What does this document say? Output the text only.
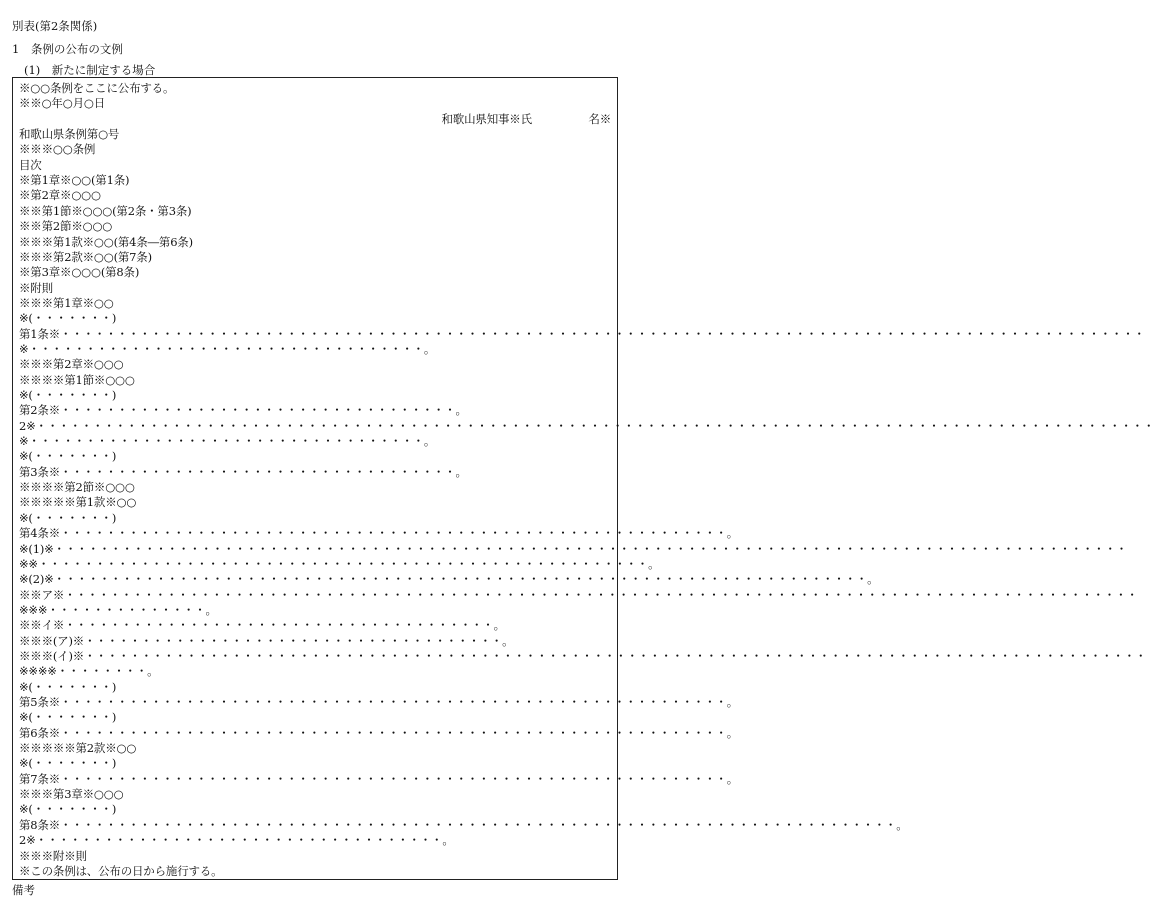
別表(第2条関係)
1　条例の公布の文例
(1)　新たに制定する場合
※○○条例をここに公布する。
※※○年○月○日
和歌山県知事※氏　　　　　名※
和歌山県条例第○号
※※※○○条例
目次
※第1章※○○(第1条)
※第2章※○○○
※※第1節※○○○(第2条・第3条)
※※第2節※○○○
※※※第1款※○○(第4条―第6条)
※※※第2款※○○(第7条)
※第3章※○○○(第8条)
※附則
※※※第1章※○○
※(・・・・・・・)
第1条※・・・・・・・・・・・・・・・・・・・・・・・・・・・・・・・・・・・・・・・・・・・・・・・・・・・・・・・・・・・・・・・・・・・・・・・・・・・・・・・・・・・・・・・・・・・・・・・・
※・・・・・・・・・・・・・・・・・・・・・・・・・・・・・・・・・・・。
※※※第2章※○○○
※※※※第1節※○○○
※(・・・・・・・)
第2条※・・・・・・・・・・・・・・・・・・・・・・・・・・・・・・・・・・・。
2※・・・・・・・・・・・・・・・・・・・・・・・・・・・・・・・・・・・・・・・・・・・・・・・・・・・・・・・・・・・・・・・・・・・・・・・・・・・・・・・・・・・・・・・・・・・・・・・・・・・
※・・・・・・・・・・・・・・・・・・・・・・・・・・・・・・・・・・・。
※(・・・・・・・)
第3条※・・・・・・・・・・・・・・・・・・・・・・・・・・・・・・・・・・・。
※※※※第2節※○○○
※※※※※第1款※○○
※(・・・・・・・)
第4条※・・・・・・・・・・・・・・・・・・・・・・・・・・・・・・・・・・・・・・・・・・・・・・・・・・・・・・・・・・・。
※(1)※・・・・・・・・・・・・・・・・・・・・・・・・・・・・・・・・・・・・・・・・・・・・・・・・・・・・・・・・・・・・・・・・・・・・・・・・・・・・・・・・・・・・・・・・・・・・・・・
※※・・・・・・・・・・・・・・・・・・・・・・・・・・・・・・・・・・・・・・・・・・・・・・・・・・・・・・。
※(2)※・・・・・・・・・・・・・・・・・・・・・・・・・・・・・・・・・・・・・・・・・・・・・・・・・・・・・・・・・・・・・・・・・・・・・・・・。
※※ア※・・・・・・・・・・・・・・・・・・・・・・・・・・・・・・・・・・・・・・・・・・・・・・・・・・・・・・・・・・・・・・・・・・・・・・・・・・・・・・・・・・・・・・・・・・・・・・・
※※※・・・・・・・・・・・・・・。
※※イ※・・・・・・・・・・・・・・・・・・・・・・・・・・・・・・・・・・・・・・。
※※※(ア)※・・・・・・・・・・・・・・・・・・・・・・・・・・・・・・・・・・・・・。
※※※(イ)※・・・・・・・・・・・・・・・・・・・・・・・・・・・・・・・・・・・・・・・・・・・・・・・・・・・・・・・・・・・・・・・・・・・・・・・・・・・・・・・・・・・・・・・・・・・・・・
※※※※・・・・・・・・。
※(・・・・・・・)
第5条※・・・・・・・・・・・・・・・・・・・・・・・・・・・・・・・・・・・・・・・・・・・・・・・・・・・・・・・・・・・。
※(・・・・・・・)
第6条※・・・・・・・・・・・・・・・・・・・・・・・・・・・・・・・・・・・・・・・・・・・・・・・・・・・・・・・・・・・。
※※※※※第2款※○○
※(・・・・・・・)
第7条※・・・・・・・・・・・・・・・・・・・・・・・・・・・・・・・・・・・・・・・・・・・・・・・・・・・・・・・・・・・。
※※※第3章※○○○
※(・・・・・・・)
第8条※・・・・・・・・・・・・・・・・・・・・・・・・・・・・・・・・・・・・・・・・・・・・・・・・・・・・・・・・・・・・・・・・・・・・・・・・・・。
2※・・・・・・・・・・・・・・・・・・・・・・・・・・・・・・・・・・・・。
※※※附※則
※この条例は、公布の日から施行する。
備考
